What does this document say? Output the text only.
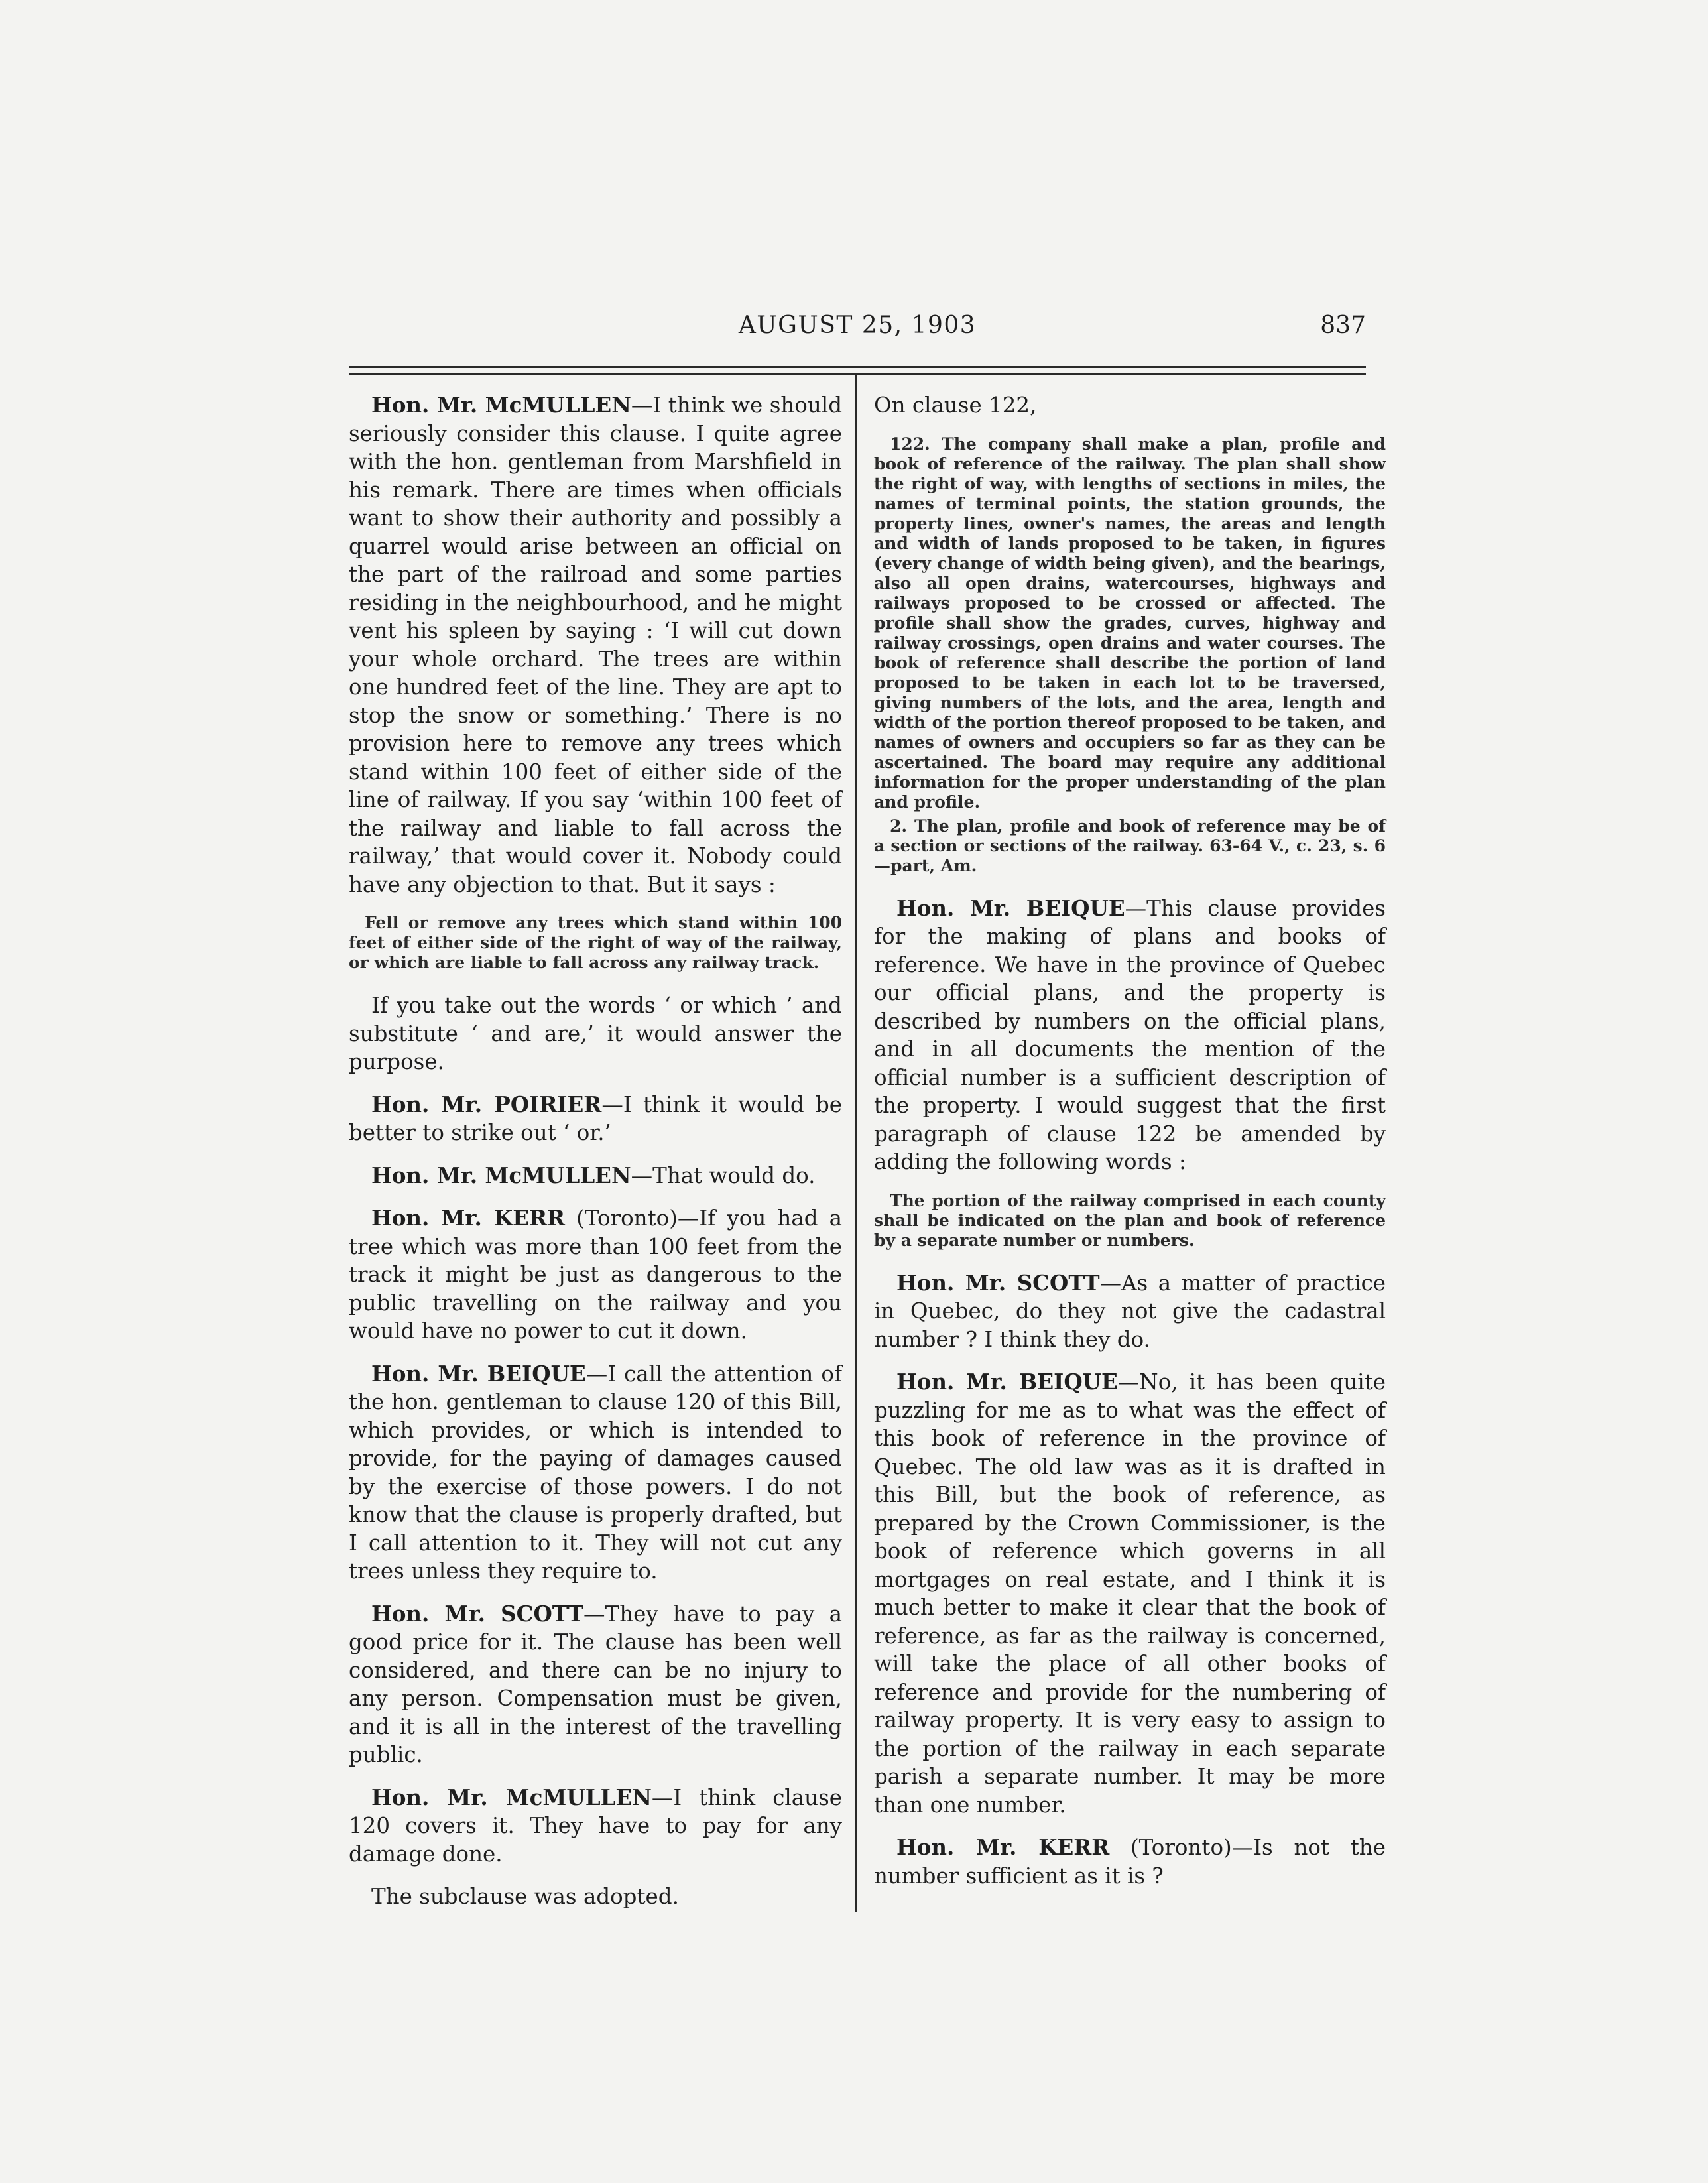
AUGUST 25, 1903	837

Hon. Mr. McMULLEN—I think we should seriously consider this clause. I quite agree with the hon. gentleman from Marshfield in his remark. There are times when officials want to show their authority and possibly a quarrel would arise between an official on the part of the railroad and some parties residing in the neighbourhood, and he might vent his spleen by saying : ‘I will cut down your whole orchard. The trees are within one hundred feet of the line. They are apt to stop the snow or something.’ There is no provision here to remove any trees which stand within 100 feet of either side of the line of railway. If you say ‘within 100 feet of the railway and liable to fall across the railway,’ that would cover it. Nobody could have any objection to that. But it says :

Fell or remove any trees which stand within 100 feet of either side of the right of way of the railway, or which are liable to fall across any railway track.

If you take out the words ‘ or which ’ and substitute ‘ and are,’ it would answer the purpose.

Hon. Mr. POIRIER—I think it would be better to strike out ‘ or.’

Hon. Mr. McMULLEN—That would do.

Hon. Mr. KERR (Toronto)—If you had a tree which was more than 100 feet from the track it might be just as dangerous to the public travelling on the railway and you would have no power to cut it down.

Hon. Mr. BEIQUE—I call the attention of the hon. gentleman to clause 120 of this Bill, which provides, or which is intended to provide, for the paying of damages caused by the exercise of those powers. I do not know that the clause is properly drafted, but I call attention to it. They will not cut any trees unless they require to.

Hon. Mr. SCOTT—They have to pay a good price for it. The clause has been well considered, and there can be no injury to any person. Compensation must be given, and it is all in the interest of the travelling public.

Hon. Mr. McMULLEN—I think clause 120 covers it. They have to pay for any damage done.

The subclause was adopted.

On clause 122,

122. The company shall make a plan, profile and book of reference of the railway. The plan shall show the right of way, with lengths of sections in miles, the names of terminal points, the station grounds, the property lines, owner's names, the areas and length and width of lands proposed to be taken, in figures (every change of width being given), and the bearings, also all open drains, watercourses, highways and railways proposed to be crossed or affected. The profile shall show the grades, curves, highway and railway crossings, open drains and water courses. The book of reference shall describe the portion of land proposed to be taken in each lot to be traversed, giving numbers of the lots, and the area, length and width of the portion thereof proposed to be taken, and names of owners and occupiers so far as they can be ascertained. The board may require any additional information for the proper understanding of the plan and profile.
2. The plan, profile and book of reference may be of a section or sections of the railway. 63-64 V., c. 23, s. 6—part, Am.

Hon. Mr. BEIQUE—This clause provides for the making of plans and books of reference. We have in the province of Quebec our official plans, and the property is described by numbers on the official plans, and in all documents the mention of the official number is a sufficient description of the property. I would suggest that the first paragraph of clause 122 be amended by adding the following words :

The portion of the railway comprised in each county shall be indicated on the plan and book of reference by a separate number or numbers.

Hon. Mr. SCOTT—As a matter of practice in Quebec, do they not give the cadastral number ? I think they do.

Hon. Mr. BEIQUE—No, it has been quite puzzling for me as to what was the effect of this book of reference in the province of Quebec. The old law was as it is drafted in this Bill, but the book of reference, as prepared by the Crown Commissioner, is the book of reference which governs in all mortgages on real estate, and I think it is much better to make it clear that the book of reference, as far as the railway is concerned, will take the place of all other books of reference and provide for the numbering of railway property. It is very easy to assign to the portion of the railway in each separate parish a separate number. It may be more than one number.

Hon. Mr. KERR (Toronto)—Is not the number sufficient as it is ?
